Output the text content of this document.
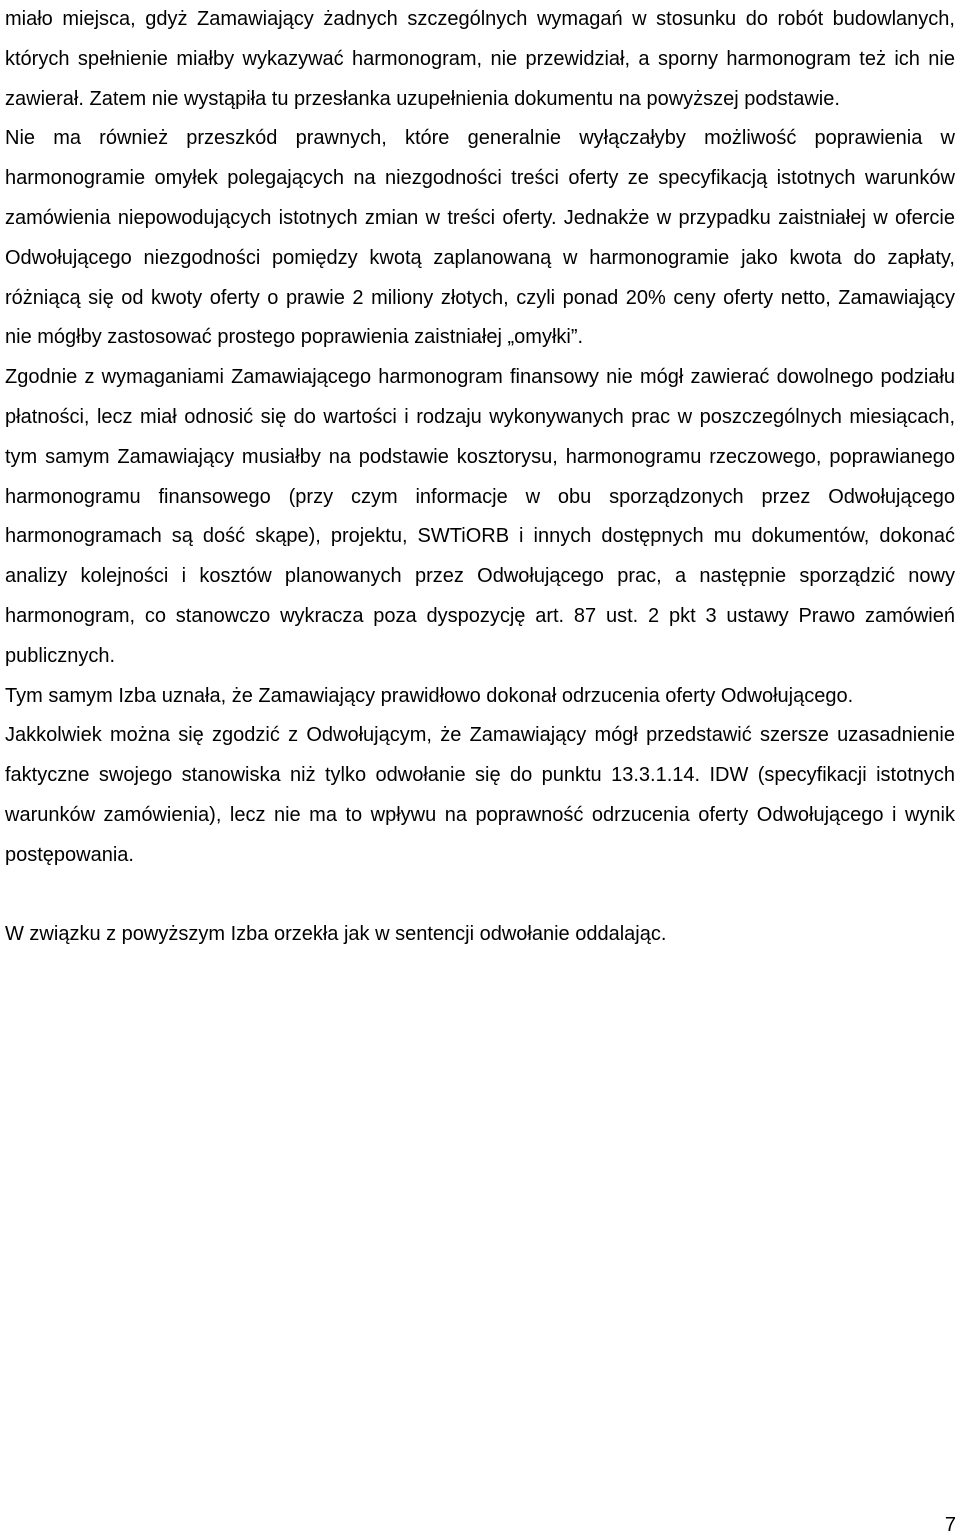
miało miejsca, gdyż Zamawiający żadnych szczególnych wymagań w stosunku do robót budowlanych, których spełnienie miałby wykazywać harmonogram, nie przewidział, a sporny harmonogram też ich nie zawierał. Zatem nie wystąpiła tu przesłanka uzupełnienia dokumentu na powyższej podstawie.

Nie ma również przeszkód prawnych, które generalnie wyłączałyby możliwość poprawienia w harmonogramie omyłek polegających na niezgodności treści oferty ze specyfikacją istotnych warunków zamówienia niepowodujących istotnych zmian w treści oferty. Jednakże w przypadku zaistniałej w ofercie Odwołującego niezgodności pomiędzy kwotą zaplanowaną w harmonogramie jako kwota do zapłaty, różniącą się od kwoty oferty o prawie 2 miliony złotych, czyli ponad 20% ceny oferty netto, Zamawiający nie mógłby zastosować prostego poprawienia zaistniałej „omyłki”.

Zgodnie z wymaganiami Zamawiającego harmonogram finansowy nie mógł zawierać dowolnego podziału płatności, lecz miał odnosić się do wartości i rodzaju wykonywanych prac w poszczególnych miesiącach, tym samym Zamawiający musiałby na podstawie kosztorysu, harmonogramu rzeczowego, poprawianego harmonogramu finansowego (przy czym informacje w obu sporządzonych przez Odwołującego harmonogramach są dość skąpe), projektu, SWTiORB i innych dostępnych mu dokumentów, dokonać analizy kolejności i kosztów planowanych przez Odwołującego prac, a następnie sporządzić nowy harmonogram, co stanowczo wykracza poza dyspozycję art. 87 ust. 2 pkt 3 ustawy Prawo zamówień publicznych.

Tym samym Izba uznała, że Zamawiający prawidłowo dokonał odrzucenia oferty Odwołującego.

Jakkolwiek można się zgodzić z Odwołującym, że Zamawiający mógł przedstawić szersze uzasadnienie faktyczne swojego stanowiska niż tylko odwołanie się do punktu 13.3.1.14. IDW (specyfikacji istotnych warunków zamówienia), lecz nie ma to wpływu na poprawność odrzucenia oferty Odwołującego i wynik postępowania.

W związku z powyższym Izba orzekła jak w sentencji odwołanie oddalając.

7
